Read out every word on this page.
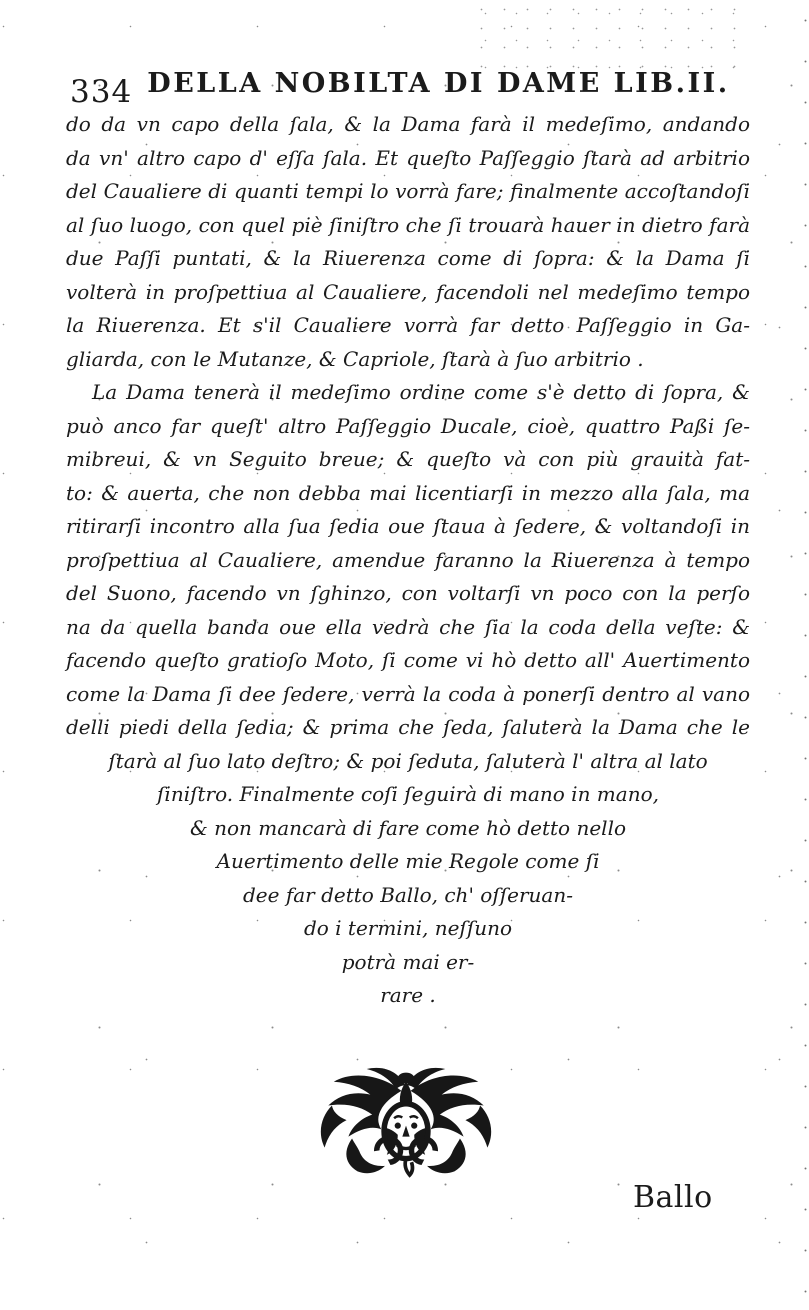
334 DELLA NOBILTA DI DAME LIB.II.
do da vn capo della ſala, & la Dama farà il medeſimo, andando
da vn' altro capo d' eſſa ſala. Et queſto Paſſeggio ſtarà ad arbitrio
del Caualiere di quanti tempi lo vorrà fare; finalmente accoſtandoſi
al ſuo luogo, con quel piè ſiniſtro che ſi trouarà hauer in dietro farà
due Paſſi puntati, & la Riuerenza come di ſopra: & la Dama ſi
volterà in proſpettiua al Caualiere, facendoli nel medeſimo tempo
la Riuerenza. Et s'il Caualiere vorrà far detto Paſſeggio in Ga-
gliarda, con le Mutanze, & Capriole, ſtarà à ſuo arbitrio .
La Dama tenerà il medeſimo ordine come s'è detto di ſopra, &
può anco far queſt' altro Paſſeggio Ducale, cioè, quattro Paßi ſe-
mibreui, & vn Seguito breue; & queſto và con più grauità fat-
to: & auerta, che non debba mai licentiarſi in mezzo alla ſala, ma
ritirarſi incontro alla ſua ſedia oue ſtaua à ſedere, & voltandoſi in
proſpettiua al Caualiere, amendue faranno la Riuerenza à tempo
del Suono, facendo vn ſghinzo, con voltarſi vn poco con la perſo
na da quella banda oue ella vedrà che ſia la coda della veſte: &
facendo queſto gratioſo Moto, ſi come vi hò detto all' Auertimento
come la Dama ſi dee ſedere, verrà la coda à ponerſi dentro al vano
delli piedi della ſedia; & prima che ſeda, ſaluterà la Dama che le
ſtarà al ſuo lato deſtro; & poi ſeduta, ſaluterà l' altra al lato
ſiniſtro. Finalmente coſi ſeguirà di mano in mano,
& non mancarà di fare come hò detto nello
Auertimento delle mie Regole come ſi
dee far detto Ballo, ch' oſſeruan-
do i termini, neſſuno
potrà mai er-
rare .
Ballo
